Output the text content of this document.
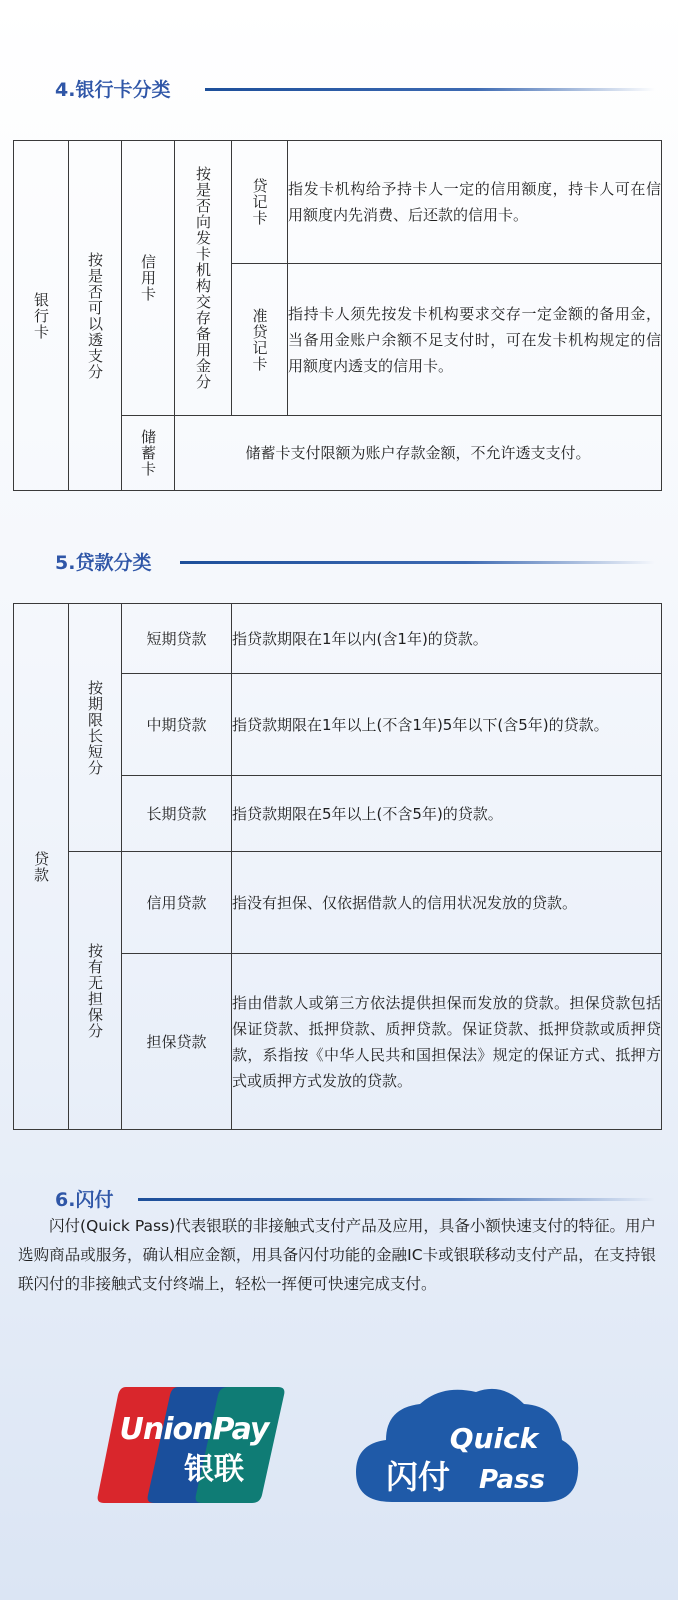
4.银行卡分类
银行卡	按是否可以透支分	信用卡	按是否向发卡机构交存备用金分	贷记卡	指发卡机构给予持卡人一定的信用额度，持卡人可在信用额度内先消费、后还款的信用卡。

				准贷记卡	指持卡人须先按发卡机构要求交存一定金额的备用金，当备用金账户余额不足支付时，可在发卡机构规定的信用额度内透支的信用卡。

		储蓄卡	储蓄卡支付限额为账户存款金额，不允许透支支付。		
5.贷款分类
贷款	按期限长短分	短期贷款	指贷款期限在1年以内(含1年)的贷款。
		中期贷款	指贷款期限在1年以上(不含1年)5年以下(含5年)的贷款。
		长期贷款	指贷款期限在5年以上(不含5年)的贷款。

	按有无担保分	信用贷款	指没有担保、仅依据借款人的信用状况发放的贷款。
		担保贷款	指由借款人或第三方依法提供担保而发放的贷款。担保贷款包括保证贷款、抵押贷款、质押贷款。保证贷款、抵押贷款或质押贷款，系指按《中华人民共和国担保法》规定的保证方式、抵押方式或质押方式发放的贷款。
6.闪付

闪付(Quick Pass)代表银联的非接触式支付产品及应用，具备小额快速支付的特征。用户选购商品或服务，确认相应金额，用具备闪付功能的金融IC卡或银联移动支付产品，在支持银联闪付的非接触式支付终端上，轻松一挥便可快速完成支付。

UnionPay
银联
Quick
闪付 Pass
